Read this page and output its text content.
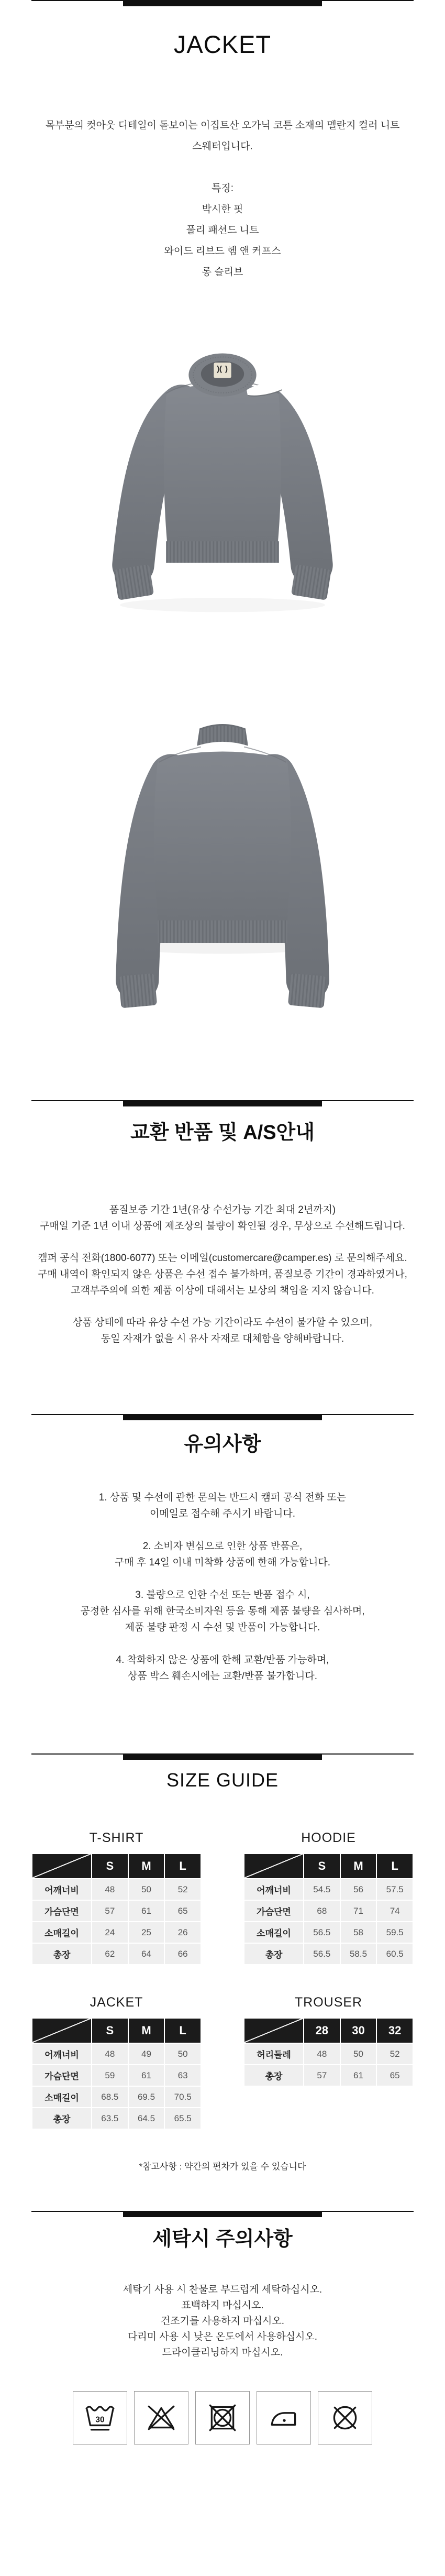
JACKET

목부분의 컷아웃 디테일이 돋보이는 이집트산 오가닉 코튼 소재의 멜란지 컬러 니트
스웨터입니다.

특징:
박시한 핏
풀리 패션드 니트
와이드 리브드 헴 앤 커프스
롱 슬리브
교환 반품 및 A/S안내

품질보증 기간 1년(유상 수선가능 기간 최대 2년까지)
구매일 기준 1년 이내 상품에 제조상의 불량이 확인될 경우, 무상으로 수선해드립니다.

캠퍼 공식 전화(1800-6077) 또는 이메일(customercare@camper.es) 로 문의해주세요.
구매 내역이 확인되지 않은 상품은 수선 접수 불가하며, 품질보증 기간이 경과하였거나,
고객부주의에 의한 제품 이상에 대해서는 보상의 책임을 지지 않습니다.

상품 상태에 따라 유상 수선 가능 기간이라도 수선이 불가할 수 있으며,
동일 자재가 없을 시 유사 자재로 대체함을 양해바랍니다.

유의사항

1. 상품 및 수선에 관한 문의는 반드시 캠퍼 공식 전화 또는
이메일로 접수해 주시기 바랍니다.

2. 소비자 변심으로 인한 상품 반품은,
구매 후 14일 이내 미착화 상품에 한해 가능합니다.

3. 불량으로 인한 수선 또는 반품 접수 시,
공정한 심사를 위해 한국소비자원 등을 통해 제품 불량을 심사하며,
제품 불량 판정 시 수선 및 반품이 가능합니다.

4. 착화하지 않은 상품에 한해 교환/반품 가능하며,
상품 박스 훼손시에는 교환/반품 불가합니다.

SIZE GUIDE
T-SHIRT
	S	M	L
어깨너비	48	50	52
가슴단면	57	61	65
소매길이	24	25	26
총장	62	64	66
HOODIE
	S	M	L
어깨너비	54.5	56	57.5
가슴단면	68	71	74
소매길이	56.5	58	59.5
총장	56.5	58.5	60.5
JACKET
	S	M	L
어깨너비	48	49	50
가슴단면	59	61	63
소매길이	68.5	69.5	70.5
총장	63.5	64.5	65.5
TROUSER
	28	30	32
허리둘레	48	50	52
총장	57	61	65
*참고사항 : 약간의 편차가 있을 수 있습니다
세탁시 주의사항
세탁기 사용 시 찬물로 부드럽게 세탁하십시오.
표백하지 마십시오.
건조기를 사용하지 마십시오.
다리미 사용 시 낮은 온도에서 사용하십시오.
드라이클리닝하지 마십시오.
30
